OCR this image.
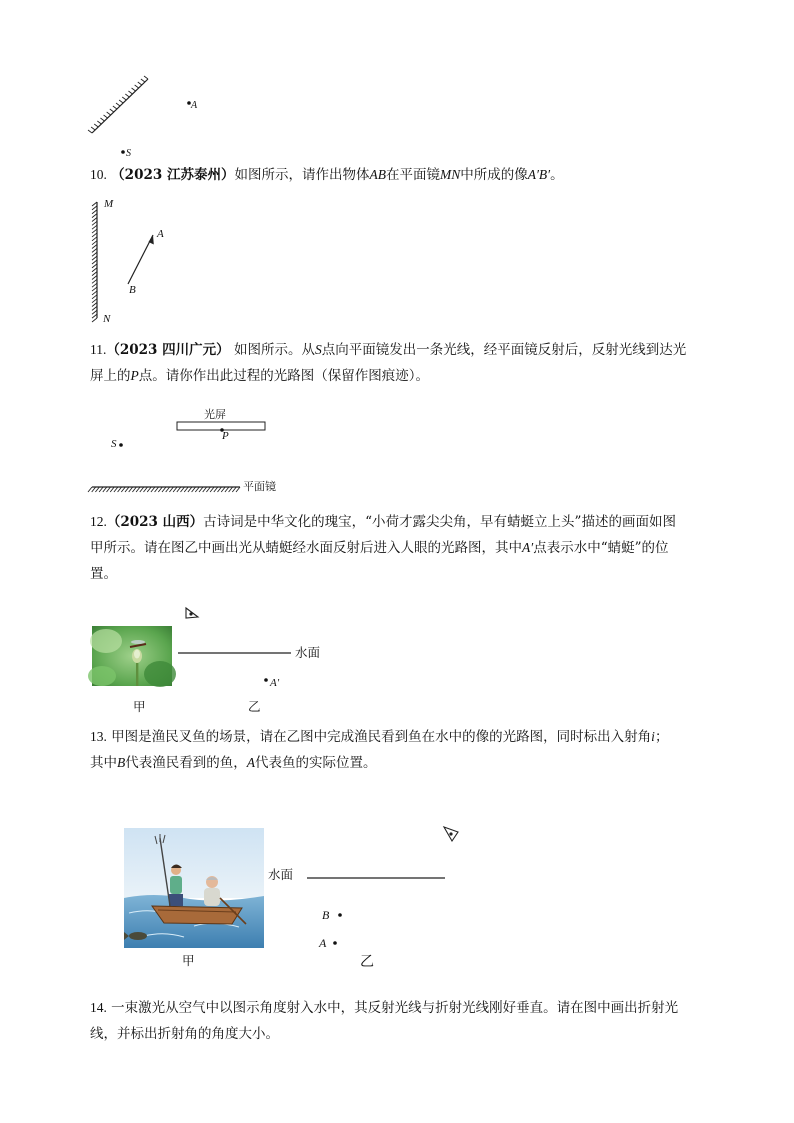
A
S
10. （2023 江苏泰州）如图所示，请作出物体AB在平面镜MN中所成的像A′B′。
M
N
A
B
11.（2023 四川广元） 如图所示。从S点向平面镜发出一条光线，经平面镜反射后，反射光线到达光
屏上的P点。请你作出此过程的光路图（保留作图痕迹）。
光屏
P
S
平面镜
12.（2023 山西）古诗词是中华文化的瑰宝，“小荷才露尖尖角，早有蜻蜓立上头”描述的画面如图
甲所示。请在图乙中画出光从蜻蜓经水面反射后进入人眼的光路图，其中A′点表示水中“蜻蜓”的位
置。
水面
A′
甲	乙
13. 甲图是渔民叉鱼的场景，请在乙图中完成渔民看到鱼在水中的像的光路图，同时标出入射角i；
其中B代表渔民看到的鱼，A代表鱼的实际位置。
水面
B
A
甲	乙
14. 一束激光从空气中以图示角度射入水中，其反射光线与折射光线刚好垂直。请在图中画出折射光
线，并标出折射角的角度大小。
